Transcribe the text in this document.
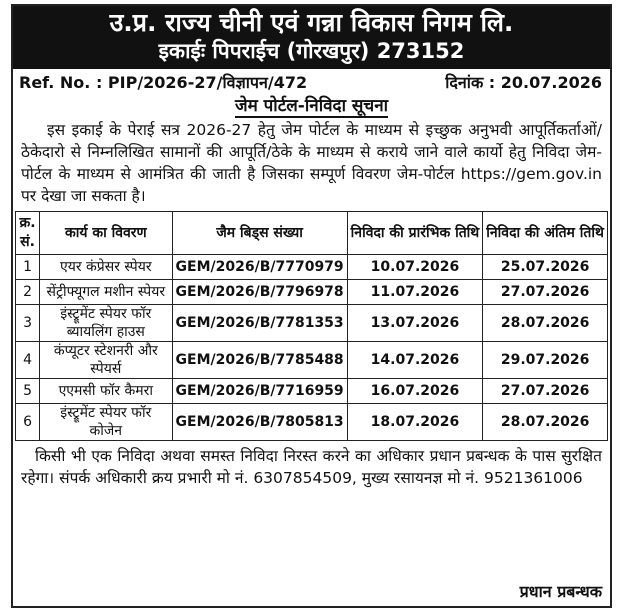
उ.प्र. राज्य चीनी एवं गन्ना विकास निगम लि.
इकाईः पिपराईच (गोरखपुर) 273152
Ref. No. : PIP/2026-27/विज्ञापन/472	दिनांक : 20.07.2026
जेम पोर्टल-निविदा सूचना
इस इकाई के पेराई सत्र 2026-27 हेतु जेम पोर्टल के माध्यम से इच्छुक अनुभवी आपूर्तिकर्ताओं/ ठेकेदारो से निम्नलिखित सामानों की आपूर्ति/ठेके के माध्यम से कराये जाने वाले कार्यो हेतु निविदा जेम-पोर्टल के माध्यम से आमंत्रित की जाती है जिसका सम्पूर्ण विवरण जेम-पोर्टल https://gem.gov.in पर देखा जा सकता है।
क्र. सं.	कार्य का विवरण	जैम बिड्स संख्या	निविदा की प्रारंभिक तिथि	निविदा की अंतिम तिथि
1	एयर कंप्रेसर स्पेयर	GEM/2026/B/7770979	10.07.2026	25.07.2026
2	सेंट्रीफ्यूगल मशीन स्पेयर	GEM/2026/B/7796978	11.07.2026	27.07.2026
3	इंस्ट्रूमेंट स्पेयर फॉर ब्यायलिंग हाउस	GEM/2026/B/7781353	13.07.2026	28.07.2026
4	कंप्यूटर स्टेशनरी और स्पेयर्स	GEM/2026/B/7785488	14.07.2026	29.07.2026
5	एएमसी फॉर कैमरा	GEM/2026/B/7716959	16.07.2026	27.07.2026
6	इंस्ट्रूमेंट स्पेयर फॉर कोजेन	GEM/2026/B/7805813	18.07.2026	28.07.2026
किसी भी एक निविदा अथवा समस्त निविदा निरस्त करने का अधिकार प्रधान प्रबन्धक के पास सुरक्षित रहेगा। संपर्क अधिकारी क्रय प्रभारी मो नं. 6307854509, मुख्य रसायनज्ञ मो नं. 9521361006
प्रधान प्रबन्धक
